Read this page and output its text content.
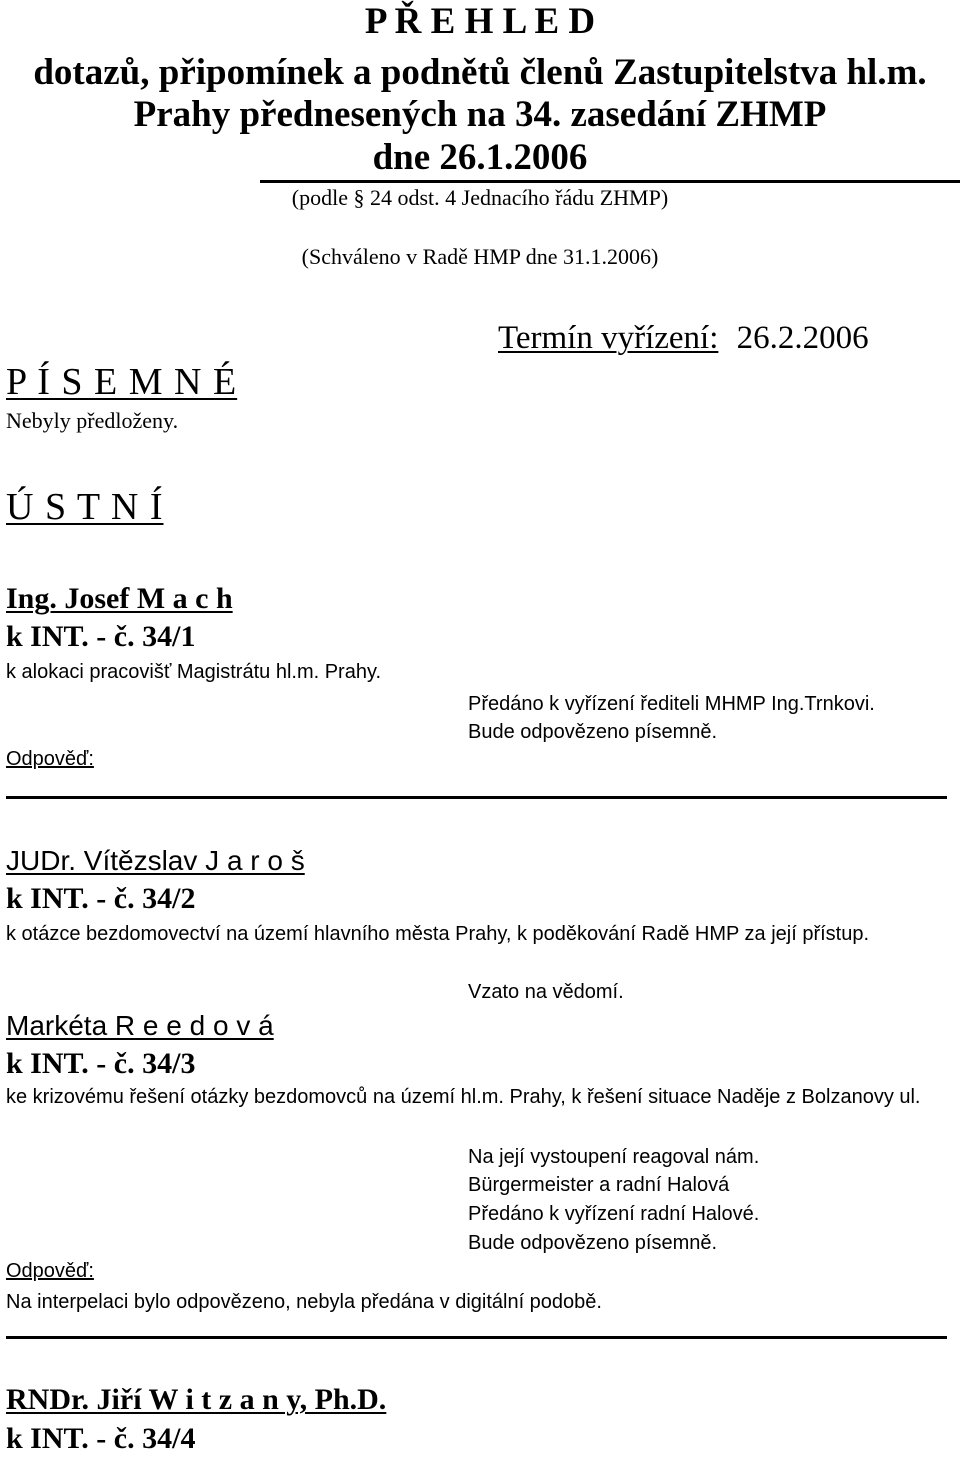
P Ř E H L E D
dotazů, připomínek a podnětů členů Zastupitelstva hl.m.
Prahy přednesených na 34. zasedání ZHMP
dne 26.1.2006
(podle § 24 odst. 4 Jednacího řádu ZHMP)
(Schváleno v Radě HMP dne 31.1.2006)
Termín vyřízení: 26.2.2006
P Í S E M N É
Nebyly předloženy.
Ú S T N Í
Ing. Josef M a c h
k INT. - č. 34/1
k alokaci pracovišť Magistrátu hl.m. Prahy.
Předáno k vyřízení řediteli MHMP Ing.Trnkovi.
Bude odpovězeno písemně.
Odpověď:
JUDr. Vítězslav J a r o š
k INT. - č. 34/2
k otázce bezdomovectví na území hlavního města Prahy, k poděkování Radě HMP za její přístup.
Vzato na vědomí.
Markéta R e e d o v á
k INT. - č. 34/3
ke krizovému řešení otázky bezdomovců na území hl.m. Prahy, k řešení situace Naděje z Bolzanovy ul.
Na její vystoupení reagoval nám.
Bürgermeister a radní Halová
Předáno k vyřízení radní Halové.
Bude odpovězeno písemně.
Odpověď:
Na interpelaci bylo odpovězeno, nebyla předána v digitální podobě.
RNDr. Jiří W i t z a n y, Ph.D.
k INT. - č. 34/4
